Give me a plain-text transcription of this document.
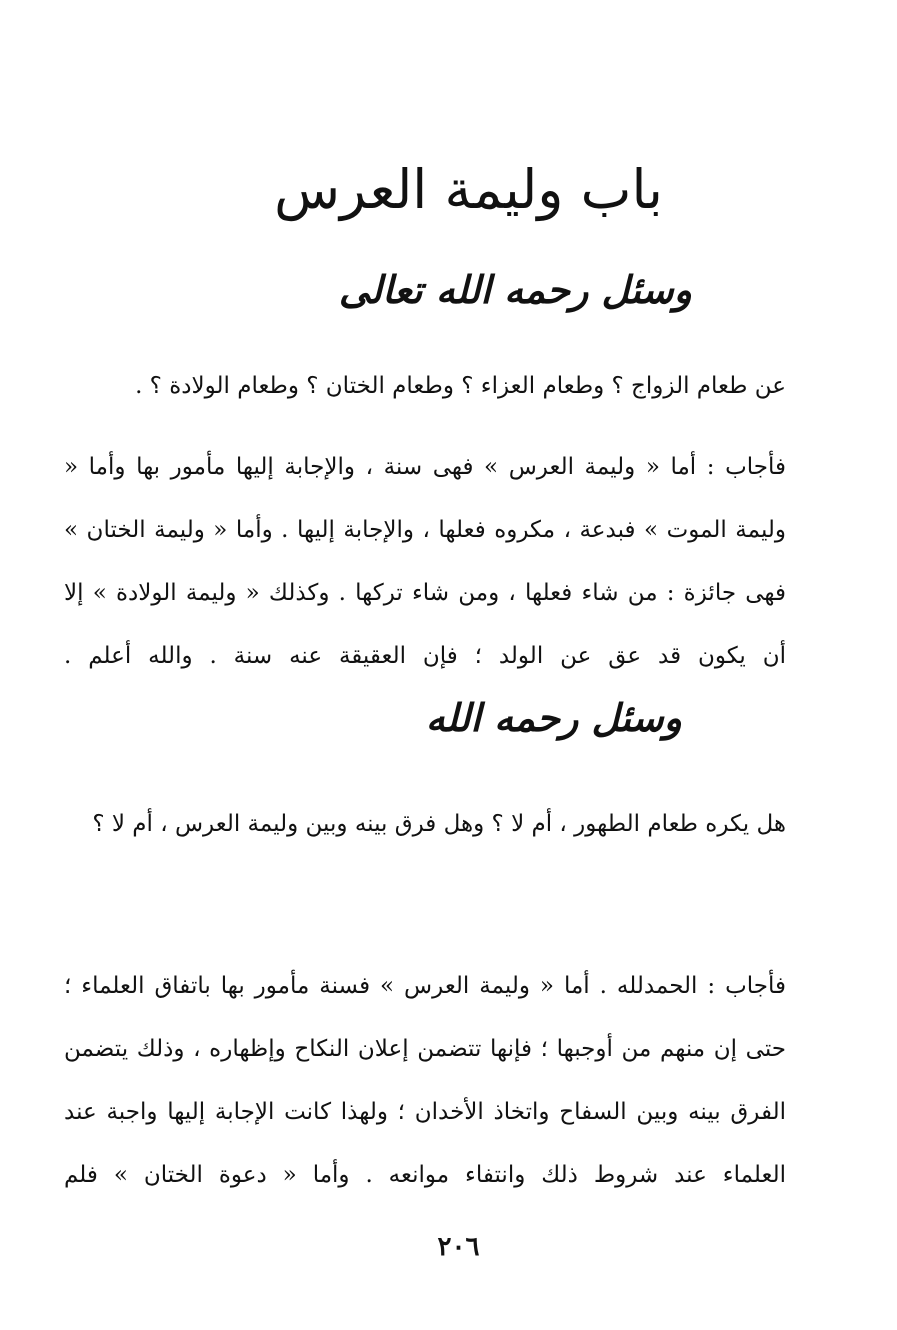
باب وليمة العرس
وسئل رحمه الله تعالى

عن طعام الزواج ؟ وطعام العزاء ؟ وطعام الختان ؟ وطعام الولادة ؟ .

فأجاب : أما « وليمة العرس » فهى سنة ، والإجابة إليها مأمور بها وأما « وليمة الموت » فبدعة ، مكروه فعلها ، والإجابة إليها . وأما « وليمة الختان » فهى جائزة : من شاء فعلها ، ومن شاء تركها . وكذلك « وليمة الولادة » إلا أن يكون قد عق عن الولد ؛ فإن العقيقة عنه سنة . والله أعلم .

وسئل رحمه الله

هل يكره طعام الطهور ، أم لا ؟ وهل فرق بينه وبين وليمة العرس ، أم لا ؟

فأجاب : الحمدلله . أما « وليمة العرس » فسنة مأمور بها باتفاق العلماء ؛ حتى إن منهم من أوجبها ؛ فإنها تتضمن إعلان النكاح وإظهاره ، وذلك يتضمن الفرق بينه وبين السفاح واتخاذ الأخدان ؛ ولهذا كانت الإجابة إليها واجبة عند العلماء عند شروط ذلك وانتفاء موانعه . وأما « دعوة الختان » فلم

٢٠٦
